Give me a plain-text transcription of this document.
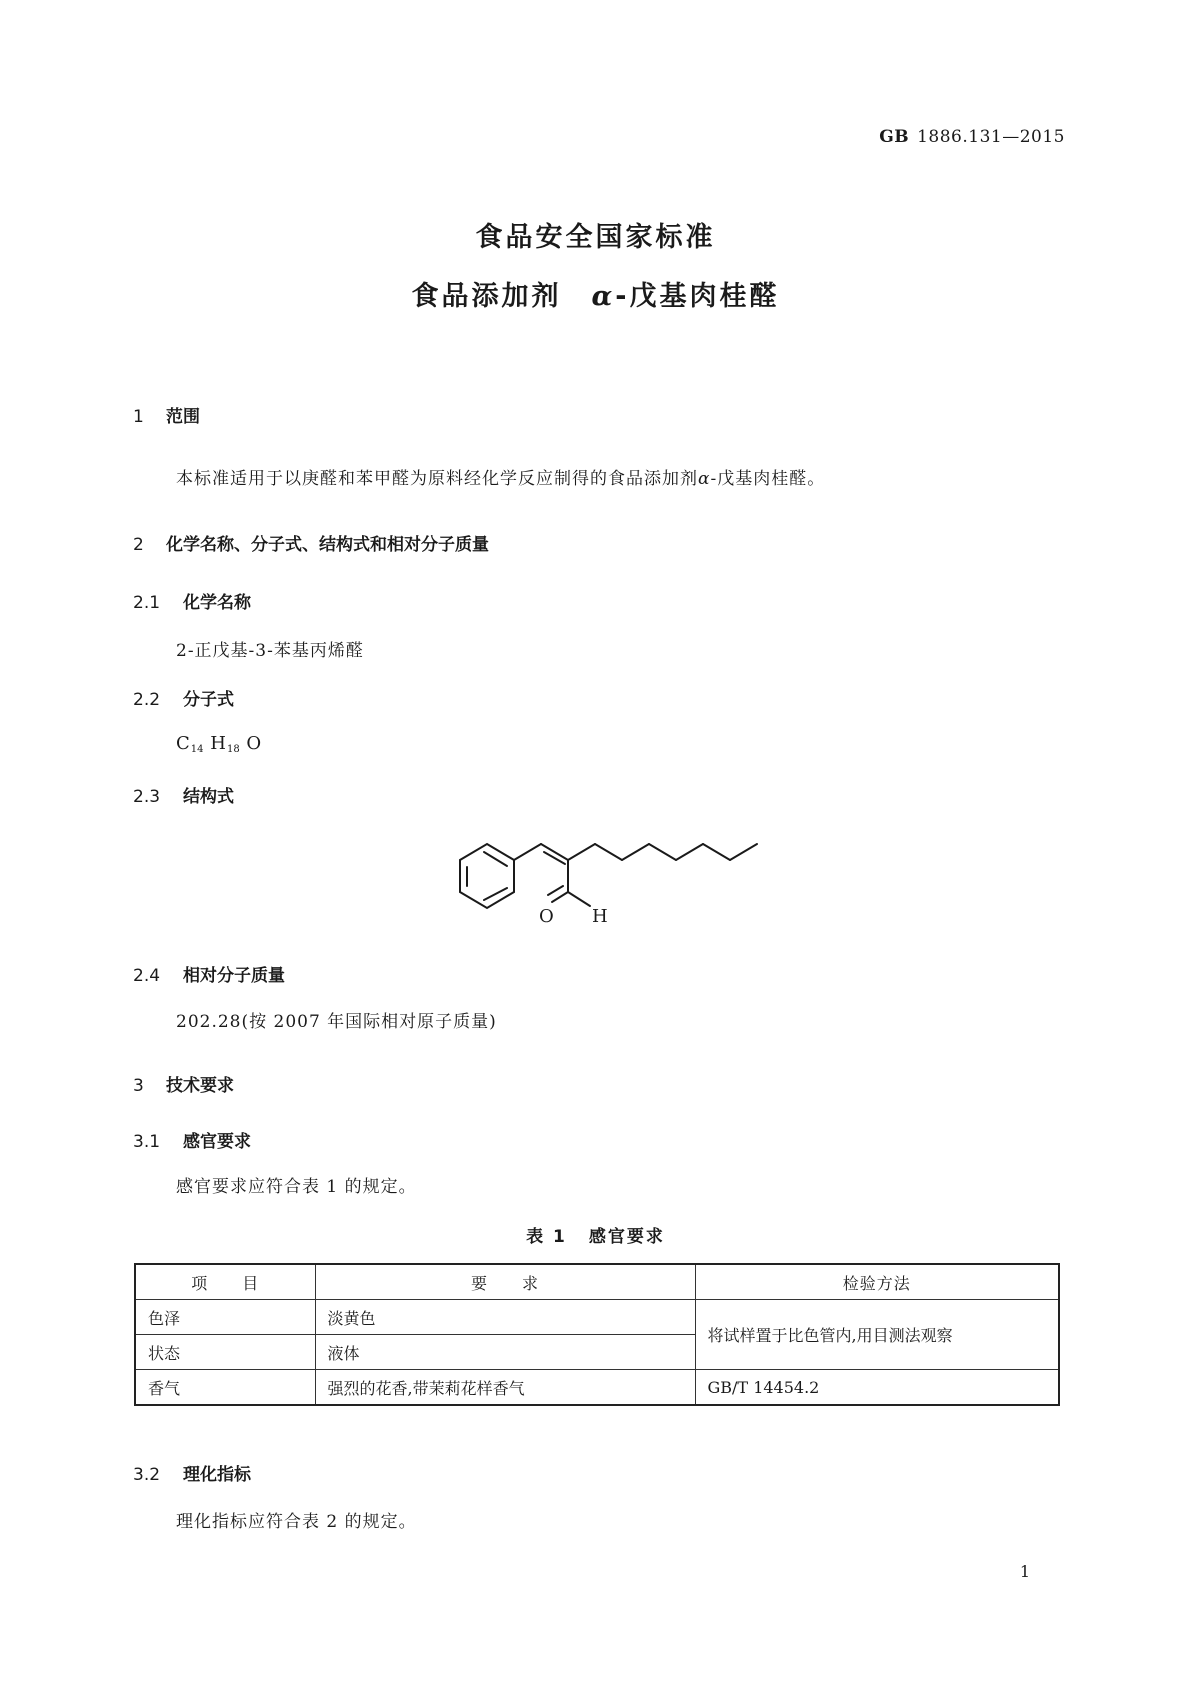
GB 1886.131—2015
食品安全国家标准
食品添加剂 α-戊基肉桂醛
1 范围
本标准适用于以庚醛和苯甲醛为原料经化学反应制得的食品添加剂α-戊基肉桂醛。
2 化学名称、分子式、结构式和相对分子质量
2.1 化学名称
2-正戊基-3-苯基丙烯醛
2.2 分子式
$C_{14}$ $H_{18}$ O
2.3 结构式
O H
2.4 相对分子质量
202.28(按 2007 年国际相对原子质量)
3 技术要求
3.1 感官要求
感官要求应符合表 1 的规定。
表 1 感官要求
项　　目	要　　求	检验方法
色泽	淡黄色	将试样置于比色管内,用目测法观察
状态	液体	
香气	强烈的花香,带茉莉花样香气	GB/T 14454.2
3.2 理化指标
理化指标应符合表 2 的规定。
1
